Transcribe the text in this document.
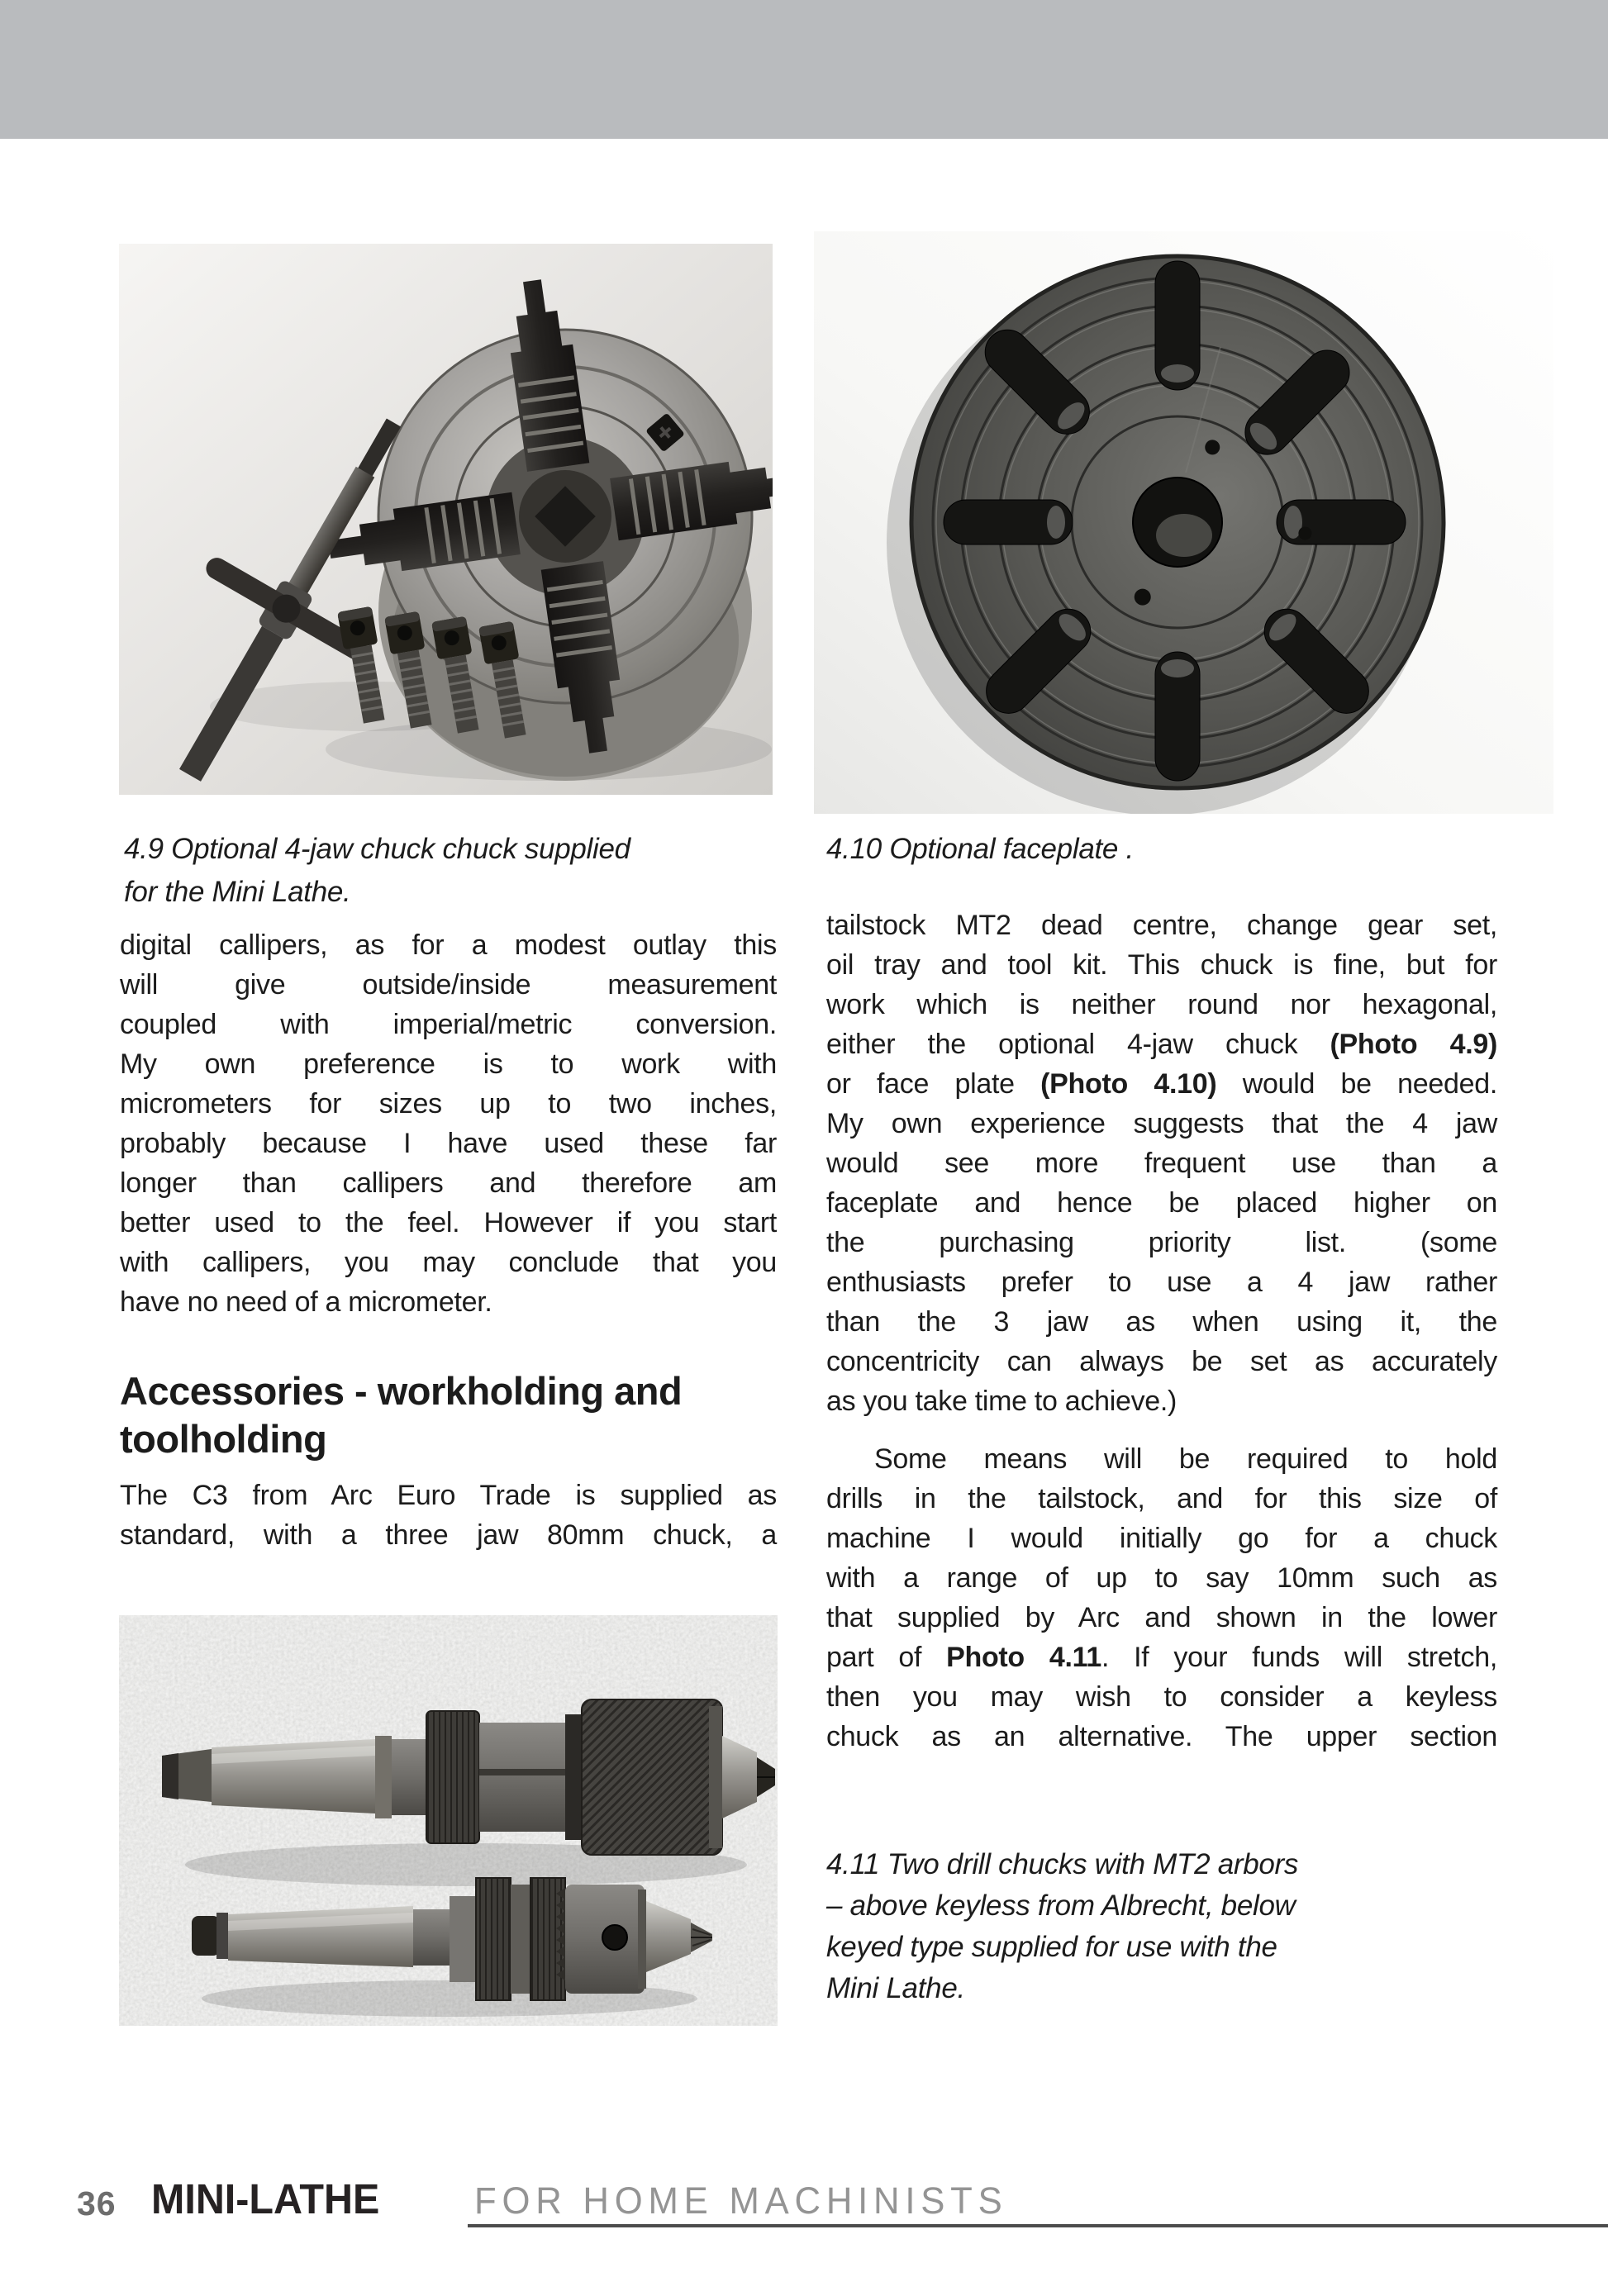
4.9 Optional 4-jaw chuck chuck supplied
for the Mini Lathe.
4.10 Optional faceplate .
4.11 Two drill chucks with MT2 arbors
– above keyless from Albrecht, below
keyed type supplied for use with the
Mini Lathe.
digital callipers, as for a modest outlay this
will give outside/inside measurement
coupled with imperial/metric conversion.
My own preference is to work with
micrometers for sizes up to two inches,
probably because I have used these far
longer than callipers and therefore am
better used to the feel. However if you start
with callipers, you may conclude that you
have no need of a micrometer.
Accessories - workholding and
toolholding
The C3 from Arc Euro Trade is supplied as
standard, with a three jaw 80mm chuck, a
tailstock MT2 dead centre, change gear set,
oil tray and tool kit. This chuck is fine, but for
work which is neither round nor hexagonal,
either the optional 4-jaw chuck (Photo 4.9)
or face plate (Photo 4.10) would be needed.
My own experience suggests that the 4 jaw
would see more frequent use than a
faceplate and hence be placed higher on
the purchasing priority list. (some
enthusiasts prefer to use a 4 jaw rather
than the 3 jaw as when using it, the
concentricity can always be set as accurately
as you take time to achieve.)
Some means will be required to hold
drills in the tailstock, and for this size of
machine I would initially go for a chuck
with a range of up to say 10mm such as
that supplied by Arc and shown in the lower
part of Photo 4.11. If your funds will stretch,
then you may wish to consider a keyless
chuck as an alternative. The upper section
36 MINI-LATHE	FOR HOME MACHINISTS
